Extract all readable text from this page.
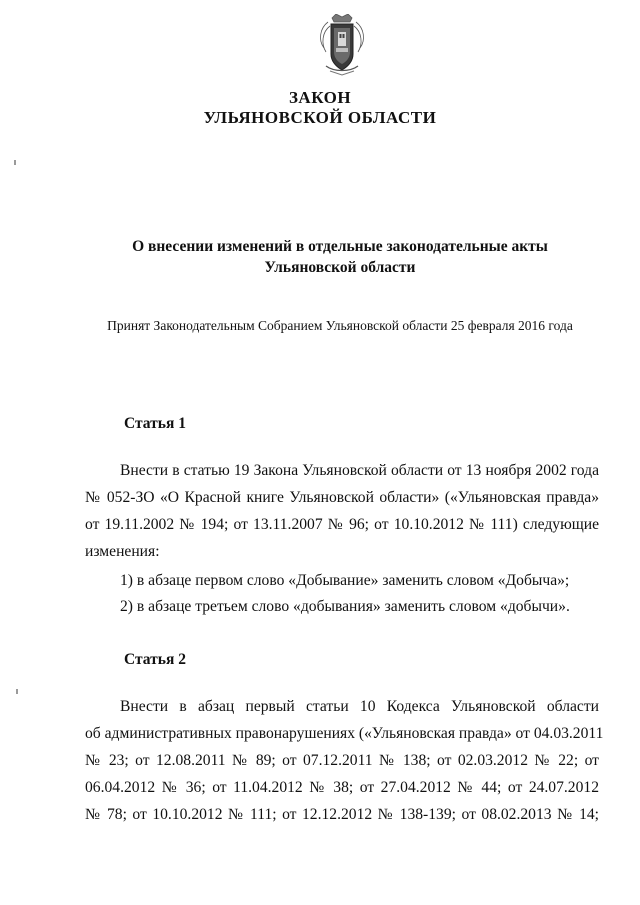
ЗАКОН

УЛЬЯНОВСКОЙ ОБЛАСТИ

О внесении изменений в отдельные законодательные акты
Ульяновской области

Принят Законодательным Собранием Ульяновской области 25 февраля 2016 года

Статья 1

Внести в статью 19 Закона Ульяновской области от 13 ноября 2002 года
№ 052-ЗО «О Красной книге Ульяновской области» («Ульяновская правда»
от 19.11.2002 № 194; от 13.11.2007 № 96; от 10.10.2012 № 111) следующие
изменения:

1) в абзаце первом слово «Добывание» заменить словом «Добыча»;

2) в абзаце третьем слово «добывания» заменить словом «добычи».

Статья 2

Внести в абзац первый статьи 10 Кодекса Ульяновской области
об административных правонарушениях («Ульяновская правда» от 04.03.2011
№ 23; от 12.08.2011 № 89; от 07.12.2011 № 138; от 02.03.2012 № 22; от
06.04.2012 № 36; от 11.04.2012 № 38; от 27.04.2012 № 44; от 24.07.2012
№ 78; от 10.10.2012 № 111; от 12.12.2012 № 138-139; от 08.02.2013 № 14;
